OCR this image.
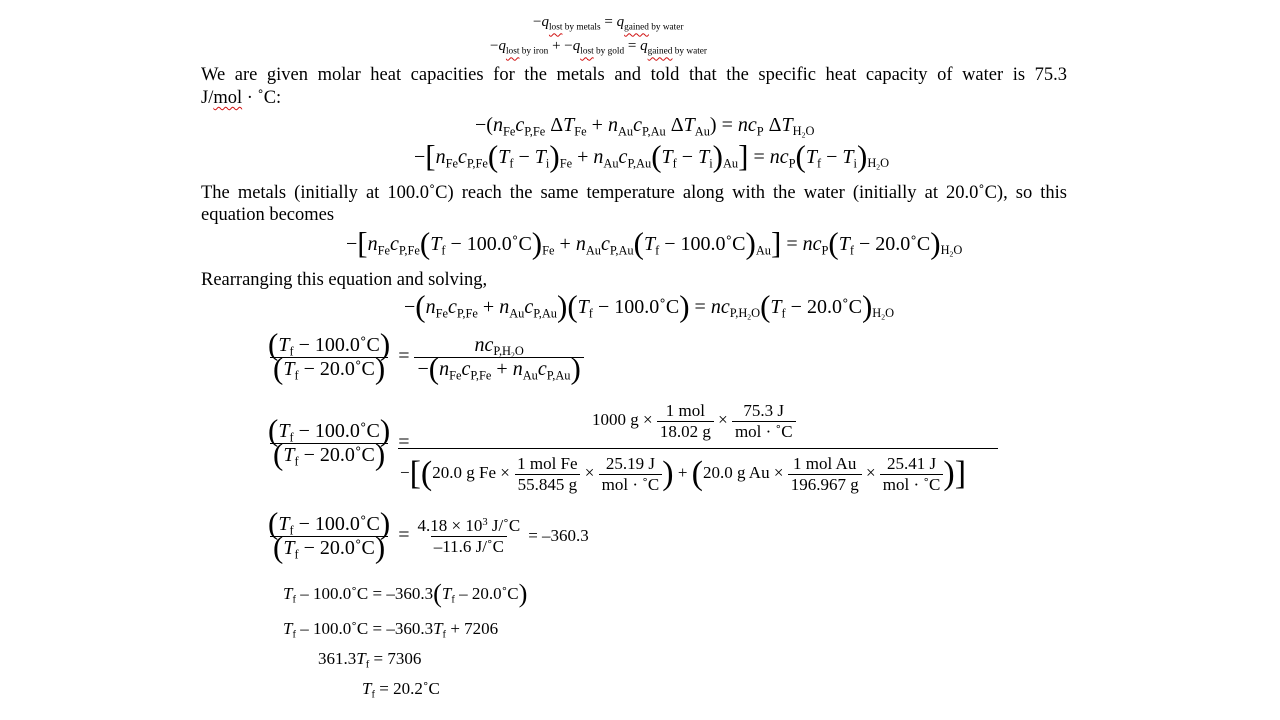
$-q_{lost}$ $_{by metals} = q_{gained}$ $_{by water}$
$-q_{lost}$ $_{by iron} + -q_{lost}$ $_{by gold} = q_{gained}$ $_{by water}$
We are given molar heat capacities for the metals and told that the specific heat capacity of water is 75.3
J/mol · ˚C:
$-(n_{Fe}c_{P,Fe}$ $\Delta T_{Fe} + n_{Au}c_{P,Au}$ $\Delta T_{Au}) = nc_P$ $\Delta T_{H_2O}$
$-[n_{Fe}c_{P,Fe}(T_f - T_i)_{Fe} + n_{Au}c_{P,Au}(T_f - T_i)_{Au}] = nc_P(T_f - T_i)_{H_2O}$
The metals (initially at 100.0˚C) reach the same temperature along with the water (initially at 20.0˚C), so this
equation becomes
$-[n_{Fe}c_{P,Fe}(T_f$ − $100.0˚C)_{Fe} + n_{Au}c_{P,Au}(T_f$ − $100.0˚C)_{Au}] = nc_P(T_f$ − $20.0˚C)_{H_2O}$
Rearranging this equation and solving,
$-(n_{Fe}c_{P,Fe} + n_{Au}c_{P,Au})(T_f$ − 100.0˚C) = $nc_{P,H_2O}(T_f$ − $20.0˚C)_{H_2O}$
$\frac{(T_f - 100.0˚C)}{(T_f - 20.0˚C)} = \frac{nc_{P,H_2O}}{-(n_{Fe}c_{P,Fe} + n_{Au}c_{P,Au})}$
$\frac{(T_f - 100.0˚C)}{(T_f - 20.0˚C)}$ =
1000 $g \times \frac{\text{1 mol}}{18.02 g} \times \frac{75.3 J}{\text{mol · ˚C}}$
−[(20.0 g $Fe \times \frac{\text{1 mol Fe}}{55.845 g} \times \frac{25.19 J}{\text{mol · ˚C}}$ ) + (20.0 g $Au \times \frac{\text{1 mol Au}}{196.967 g} \times \frac{25.41 J}{\text{mol · ˚C}}$ )]
$\frac{(T_f - 100.0˚C)}{(T_f - 20.0˚C)} = \frac{4.18 \times 10^3 J/˚C}{-11.6 J/˚C} = -360.3$
$T_f$ – 100.0˚C = $-360.3(T_f$ – 20.0˚C)
$T_f$ – 100.0˚C = $-360.3T_f + 7206$
$361.3T_f = 7306$
$T_f$ = 20.2˚C
